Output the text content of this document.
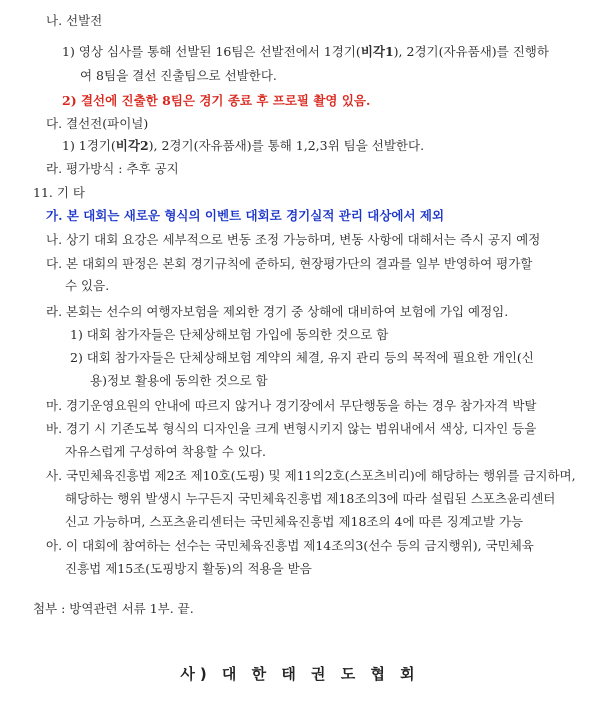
나. 선발전
1) 영상 심사를 통해 선발된 16팀은 선발전에서 1경기(비각1), 2경기(자유품새)를 진행하
여 8팀을 결선 진출팀으로 선발한다.
2) 결선에 진출한 8팀은 경기 종료 후 프로필 촬영 있음.
다. 결선전(파이널)
1) 1경기(비각2), 2경기(자유품새)를 통해 1,2,3위 팀을 선발한다.
라. 평가방식 : 추후 공지
11. 기 타
가. 본 대회는 새로운 형식의 이벤트 대회로 경기실적 관리 대상에서 제외
나. 상기 대회 요강은 세부적으로 변동 조정 가능하며, 변동 사항에 대해서는 즉시 공지 예정
다. 본 대회의 판정은 본회 경기규칙에 준하되, 현장평가단의 결과를 일부 반영하여 평가할
수 있음.
라. 본회는 선수의 여행자보험을 제외한 경기 중 상해에 대비하여 보험에 가입 예정임.
1) 대회 참가자들은 단체상해보험 가입에 동의한 것으로 함
2) 대회 참가자들은 단체상해보험 계약의 체결, 유지 관리 등의 목적에 필요한 개인(신
용)정보 활용에 동의한 것으로 함
마. 경기운영요원의 안내에 따르지 않거나 경기장에서 무단행동을 하는 경우 참가자격 박탈
바. 경기 시 기존도복 형식의 디자인을 크게 변형시키지 않는 범위내에서 색상, 디자인 등을
자유스럽게 구성하여 착용할 수 있다.
사. 국민체육진흥법 제2조 제10호(도핑) 및 제11의2호(스포츠비리)에 해당하는 행위를 금지하며,
해당하는 행위 발생시 누구든지 국민체육진흥법 제18조의3에 따라 설립된 스포츠윤리센터
신고 가능하며, 스포츠윤리센터는 국민체육진흥법 제18조의 4에 따른 징계고발 가능
아. 이 대회에 참여하는 선수는 국민체육진흥법 제14조의3(선수 등의 금지행위), 국민체육
진흥법 제15조(도핑방지 활동)의 적용을 받음
첨부 : 방역관련 서류 1부. 끝.
사) 대 한 태 권 도 협 회
